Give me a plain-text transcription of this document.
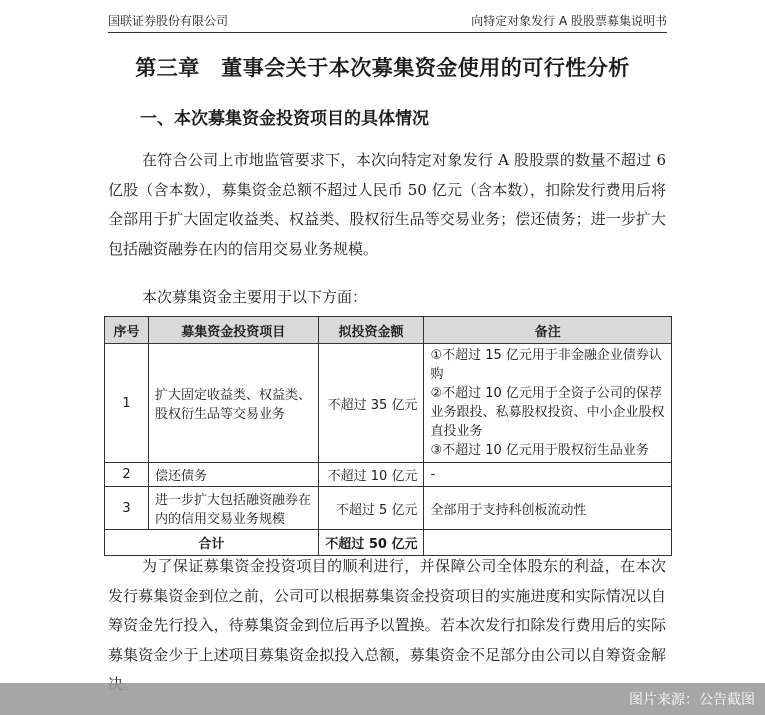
国联证券股份有限公司	向特定对象发行 A 股股票募集说明书
第三章　董事会关于本次募集资金使用的可行性分析
一、本次募集资金投资项目的具体情况
在符合公司上市地监管要求下，本次向特定对象发行 A 股股票的数量不超过 6 亿股（含本数），募集资金总额不超过人民币 50 亿元（含本数），扣除发行费用后将全部用于扩大固定收益类、权益类、股权衍生品等交易业务；偿还债务；进一步扩大包括融资融券在内的信用交易业务规模。
本次募集资金主要用于以下方面：
序号	募集资金投资项目	拟投资金额	备注
1	扩大固定收益类、权益类、股权衍生品等交易业务	不超过 35 亿元	①不超过 15 亿元用于非金融企业债券认购
②不超过 10 亿元用于全资子公司的保荐业务跟投、私募股权投资、中小企业股权直投业务
③不超过 10 亿元用于股权衍生品业务

2	偿还债务	不超过 10 亿元	-
3	进一步扩大包括融资融券在内的信用交易业务规模	不超过 5 亿元	全部用于支持科创板流动性
合计		不超过 50 亿元	
为了保证募集资金投资项目的顺利进行，并保障公司全体股东的利益，在本次发行募集资金到位之前，公司可以根据募集资金投资项目的实施进度和实际情况以自筹资金先行投入，待募集资金到位后再予以置换。若本次发行扣除发行费用后的实际募集资金少于上述项目募集资金拟投入总额，募集资金不足部分由公司以自筹资金解
图片来源：公告截图
